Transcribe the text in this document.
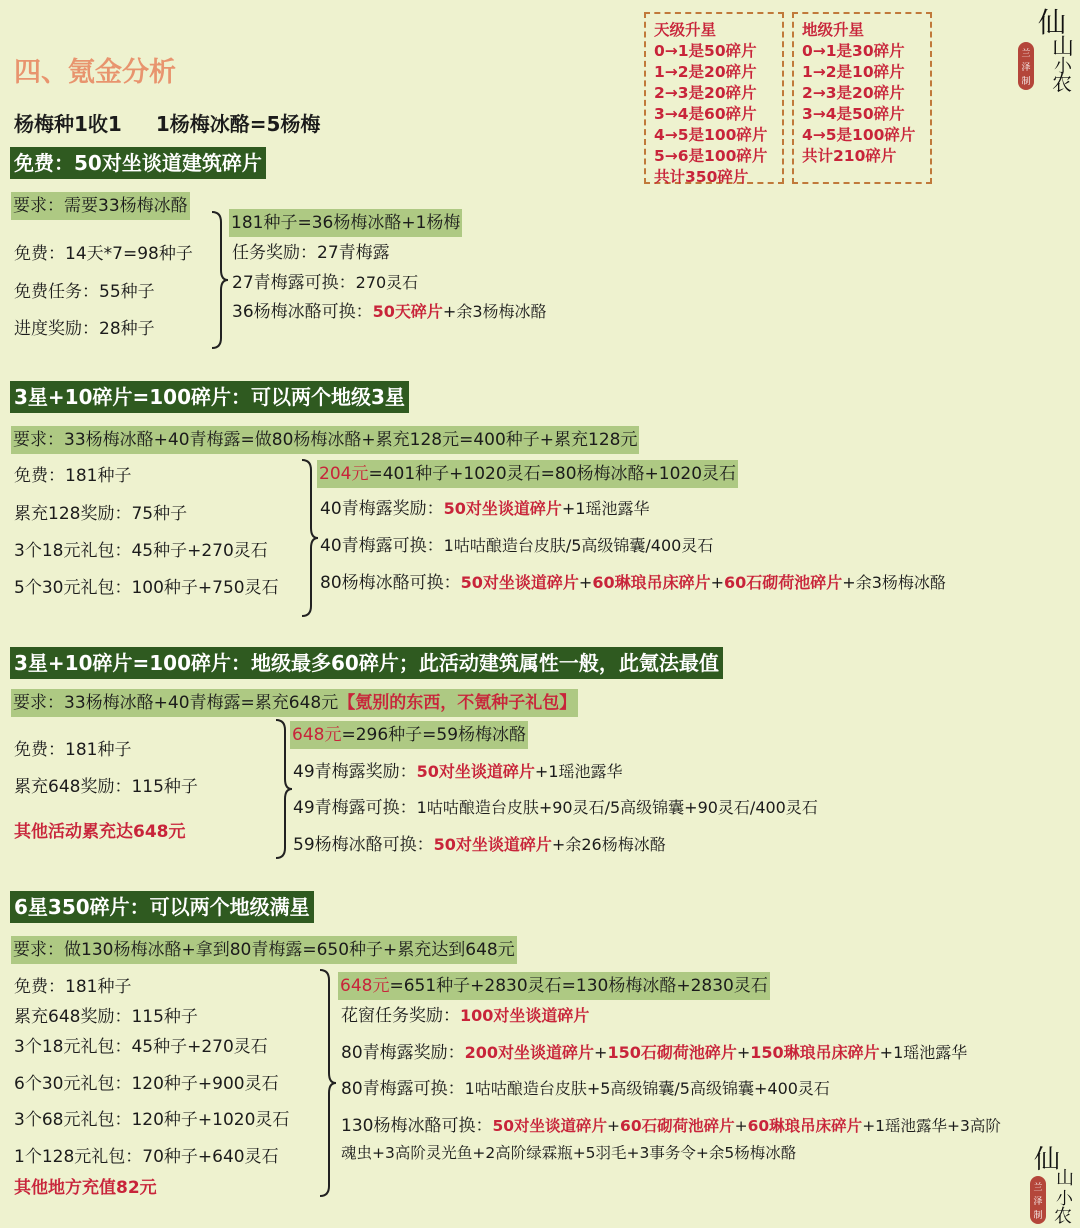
四、氪金分析
杨梅种1收1 1杨梅冰酪=5杨梅
天级升星
0→1是50碎片
1→2是20碎片
2→3是20碎片
3→4是60碎片
4→5是100碎片
5→6是100碎片
共计350碎片
地级升星
0→1是30碎片
1→2是10碎片
2→3是20碎片
3→4是50碎片
4→5是100碎片
共计210碎片
仙
山
小
农
兰
泽
制
仙
山
小
农
兰
泽
制
免费：50对坐谈道建筑碎片
要求：需要33杨梅冰酪
免费：14天*7=98种子
免费任务：55种子
进度奖励：28种子
181种子=36杨梅冰酪+1杨梅
任务奖励：27青梅露
27青梅露可换：270灵石
36杨梅冰酪可换：50天碎片+余3杨梅冰酪
3星+10碎片=100碎片：可以两个地级3星
要求：33杨梅冰酪+40青梅露=做80杨梅冰酪+累充128元=400种子+累充128元
免费：181种子
累充128奖励：75种子
3个18元礼包：45种子+270灵石
5个30元礼包：100种子+750灵石
204元=401种子+1020灵石=80杨梅冰酪+1020灵石
40青梅露奖励：50对坐谈道碎片+1瑶池露华
40青梅露可换：1咕咕酿造台皮肤/5高级锦囊/400灵石
80杨梅冰酪可换：50对坐谈道碎片+60琳琅吊床碎片+60石砌荷池碎片+余3杨梅冰酪
3星+10碎片=100碎片：地级最多60碎片；此活动建筑属性一般，此氪法最值
要求：33杨梅冰酪+40青梅露=累充648元【氪别的东西，不氪种子礼包】
免费：181种子
累充648奖励：115种子
其他活动累充达648元
648元=296种子=59杨梅冰酪
49青梅露奖励：50对坐谈道碎片+1瑶池露华
49青梅露可换：1咕咕酿造台皮肤+90灵石/5高级锦囊+90灵石/400灵石
59杨梅冰酪可换：50对坐谈道碎片+余26杨梅冰酪
6星350碎片：可以两个地级满星
要求：做130杨梅冰酪+拿到80青梅露=650种子+累充达到648元
免费：181种子
累充648奖励：115种子
3个18元礼包：45种子+270灵石
6个30元礼包：120种子+900灵石
3个68元礼包：120种子+1020灵石
1个128元礼包：70种子+640灵石
其他地方充值82元
648元=651种子+2830灵石=130杨梅冰酪+2830灵石
花窗任务奖励：100对坐谈道碎片
80青梅露奖励：200对坐谈道碎片+150石砌荷池碎片+150琳琅吊床碎片+1瑶池露华
80青梅露可换：1咕咕酿造台皮肤+5高级锦囊/5高级锦囊+400灵石
130杨梅冰酪可换：50对坐谈道碎片+60石砌荷池碎片+60琳琅吊床碎片+1瑶池露华+3高阶
魂虫+3高阶灵光鱼+2高阶绿霖瓶+5羽毛+3事务令+余5杨梅冰酪
